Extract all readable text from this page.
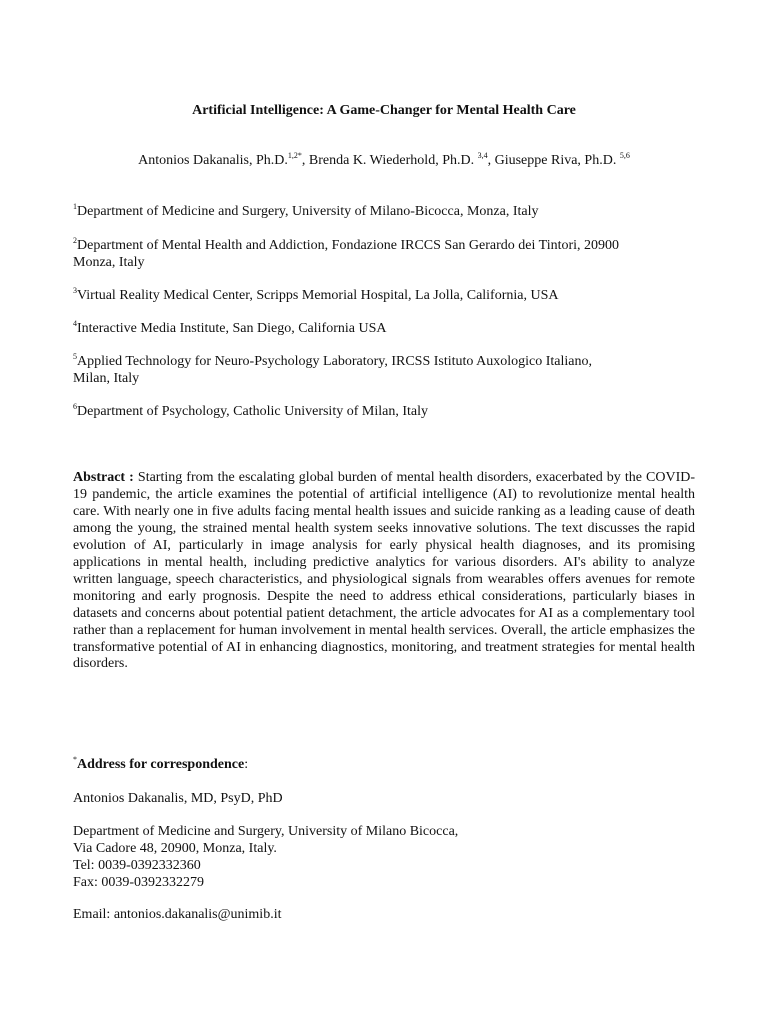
Artificial Intelligence: A Game-Changer for Mental Health Care
Antonios Dakanalis, Ph.D.$^{1,2*}$, Brenda K. Wiederhold, Ph.D. $^{3,4}$, Giuseppe Riva, Ph.D. $^{5,6}$
$^1$Department of Medicine and Surgery, University of Milano-Bicocca, Monza, Italy
$^2$Department of Mental Health and Addiction, Fondazione IRCCS San Gerardo dei Tintori, 20900
Monza, Italy
$^3$Virtual Reality Medical Center, Scripps Memorial Hospital, La Jolla, California, USA
$^4$Interactive Media Institute, San Diego, California USA
$^5$Applied Technology for Neuro-Psychology Laboratory, IRCSS Istituto Auxologico Italiano,
Milan, Italy
$^6$Department of Psychology, Catholic University of Milan, Italy
Abstract : Starting from the escalating global burden of mental health disorders, exacerbated by the COVID-19 pandemic, the article examines the potential of artificial intelligence (AI) to revolutionize mental health care. With nearly one in five adults facing mental health issues and suicide ranking as a leading cause of death among the young, the strained mental health system seeks innovative solutions. The text discusses the rapid evolution of AI, particularly in image analysis for early physical health diagnoses, and its promising applications in mental health, including predictive analytics for various disorders. AI's ability to analyze written language, speech characteristics, and physiological signals from wearables offers avenues for remote monitoring and early prognosis. Despite the need to address ethical considerations, particularly biases in datasets and concerns about potential patient detachment, the article advocates for AI as a complementary tool rather than a replacement for human involvement in mental health services. Overall, the article emphasizes the transformative potential of AI in enhancing diagnostics, monitoring, and treatment strategies for mental health disorders.
*Address for correspondence:
Antonios Dakanalis, MD, PsyD, PhD
Department of Medicine and Surgery, University of Milano Bicocca,
Via Cadore 48, 20900, Monza, Italy.
Tel: 0039-0392332360
Fax: 0039-0392332279
Email: antonios.dakanalis@unimib.it
